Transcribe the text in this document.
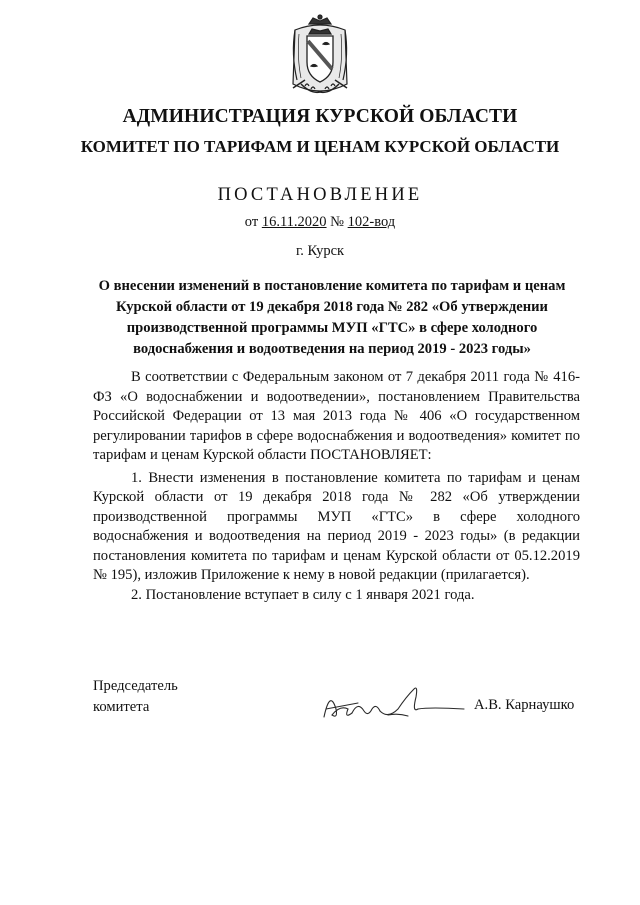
АДМИНИСТРАЦИЯ КУРСКОЙ ОБЛАСТИ
КОМИТЕТ ПО ТАРИФАМ И ЦЕНАМ КУРСКОЙ ОБЛАСТИ
ПОСТАНОВЛЕНИЕ
от 16.11.2020 № 102-вод
г. Курск
О внесении изменений в постановление комитета по тарифам и ценам Курской области от 19 декабря 2018 года № 282 «Об утверждении производственной программы МУП «ГТС» в сфере холодного водоснабжения и водоотведения на период 2019 - 2023 годы»

В соответствии с Федеральным законом от 7 декабря 2011 года № 416-ФЗ «О водоснабжении и водоотведении», постановлением Правительства Российской Федерации от 13 мая 2013 года № 406 «О государственном регулировании тарифов в сфере водоснабжения и водоотведения» комитет по тарифам и ценам Курской области ПОСТАНОВЛЯЕТ:

1. Внести изменения в постановление комитета по тарифам и ценам Курской области от 19 декабря 2018 года № 282 «Об утверждении производственной программы МУП «ГТС» в сфере холодного водоснабжения и водоотведения на период 2019 - 2023 годы» (в редакции постановления комитета по тарифам и ценам Курской области от 05.12.2019 № 195), изложив Приложение к нему в новой редакции (прилагается).

2. Постановление вступает в силу с 1 января 2021 года.

Председатель
комитета	А.В. Карнаушко
